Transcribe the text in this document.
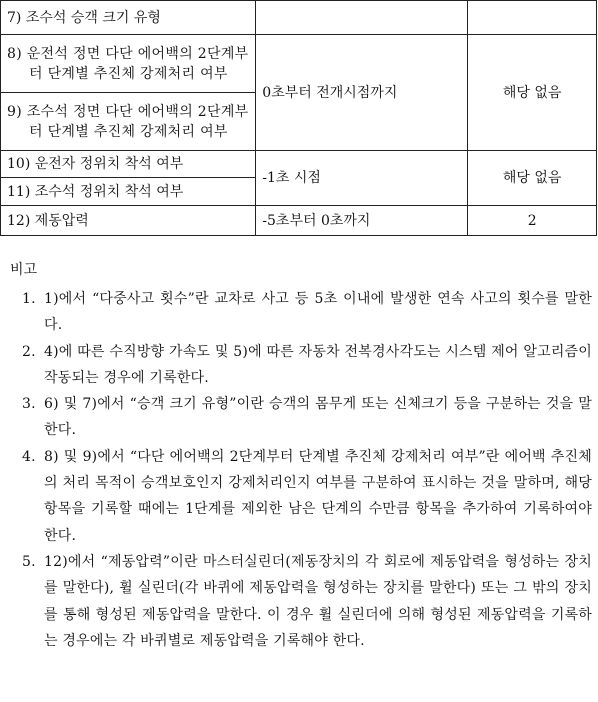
7) 조수석 승객 크기 유형		

8) 운전석 정면 다단 에어백의 2단계부터 단계별 추진체 강제처리 여부	0초부터 전개시점까지	해당 없음

9) 조수석 정면 다단 에어백의 2단계부터 단계별 추진체 강제처리 여부		

10) 운전자 정위치 착석 여부	-1초 시점	해당 없음
11) 조수석 정위치 착석 여부		
12) 제동압력	-5초부터 0초까지	2
비고
1. 1)에서 “다중사고 횟수”란 교차로 사고 등 5초 이내에 발생한 연속 사고의 횟수를 말한다.
2. 4)에 따른 수직방향 가속도 및 5)에 따른 자동차 전복경사각도는 시스템 제어 알고리즘이 작동되는 경우에 기록한다.
3. 6) 및 7)에서 “승객 크기 유형”이란 승객의 몸무게 또는 신체크기 등을 구분하는 것을 말한다.
4. 8) 및 9)에서 “다단 에어백의 2단계부터 단계별 추진체 강제처리 여부”란 에어백 추진체의 처리 목적이 승객보호인지 강제처리인지 여부를 구분하여 표시하는 것을 말하며, 해당 항목을 기록할 때에는 1단계를 제외한 남은 단계의 수만큼 항목을 추가하여 기록하여야 한다.
5. 12)에서 “제동압력”이란 마스터실린더(제동장치의 각 회로에 제동압력을 형성하는 장치를 말한다), 휠 실린더(각 바퀴에 제동압력을 형성하는 장치를 말한다) 또는 그 밖의 장치를 통해 형성된 제동압력을 말한다. 이 경우 휠 실린더에 의해 형성된 제동압력을 기록하는 경우에는 각 바퀴별로 제동압력을 기록해야 한다.
